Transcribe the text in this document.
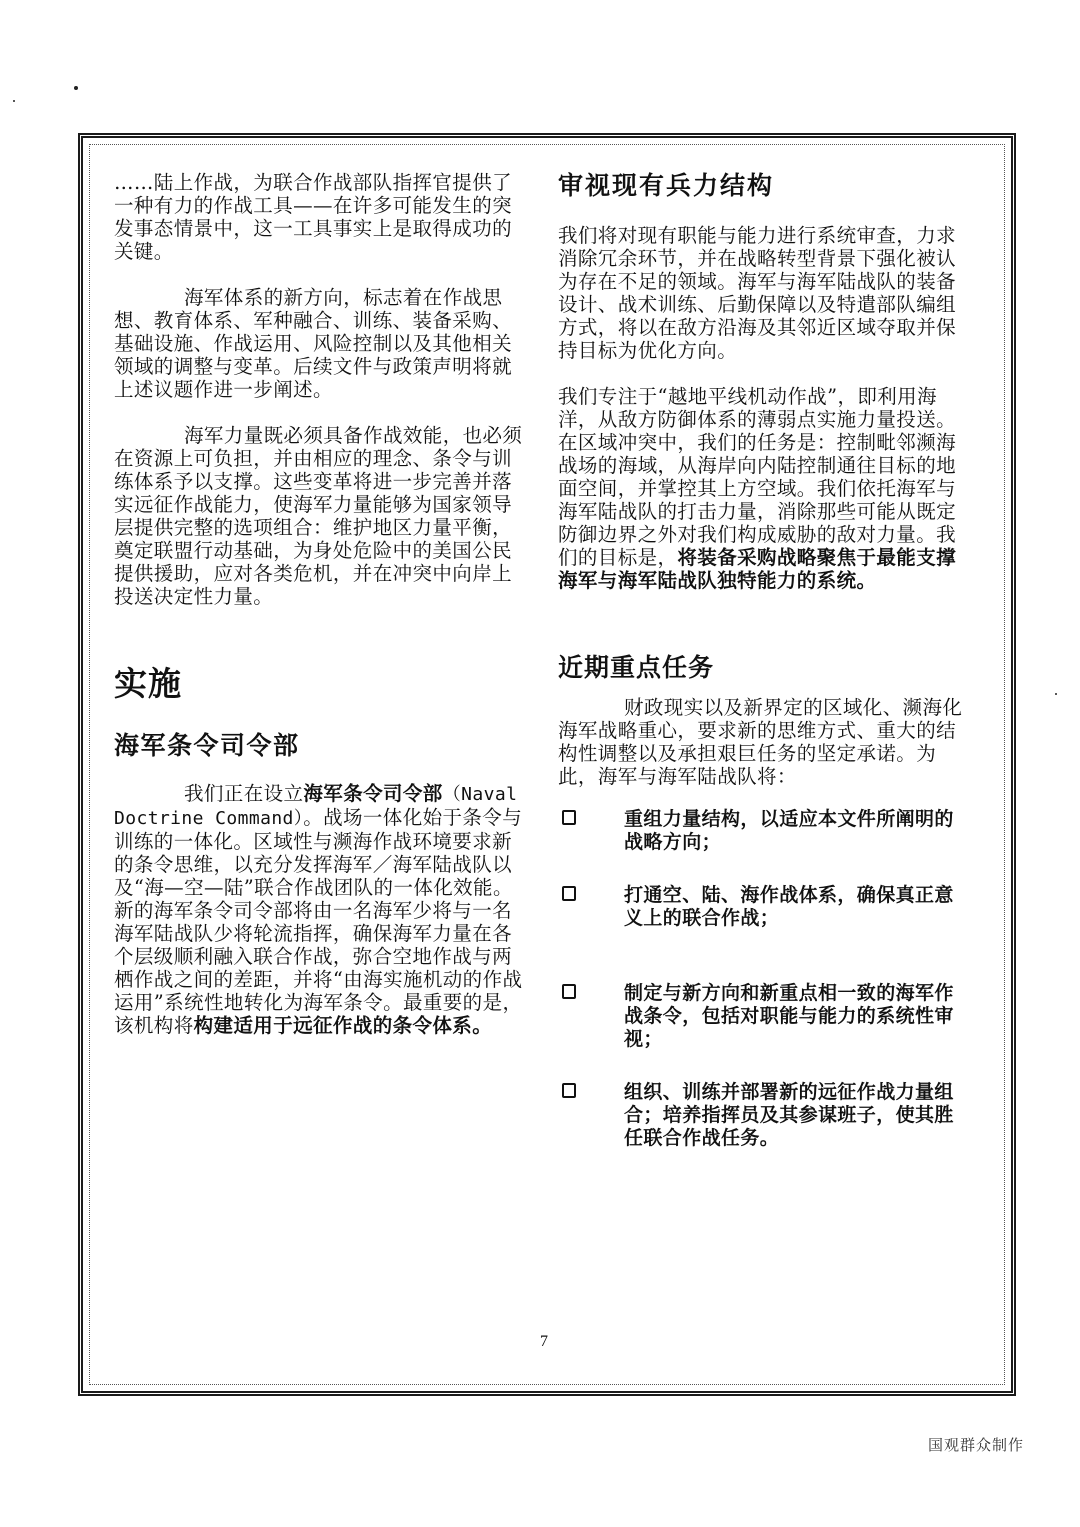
……陆上作战，为联合作战部队指挥官提供了一种有力的作战工具——在许多可能发生的突发事态情景中，这一工具事实上是取得成功的关键。

海军体系的新方向，标志着在作战思想、教育体系、军种融合、训练、装备采购、基础设施、作战运用、风险控制以及其他相关领域的调整与变革。后续文件与政策声明将就上述议题作进一步阐述。

海军力量既必须具备作战效能，也必须在资源上可负担，并由相应的理念、条令与训练体系予以支撑。这些变革将进一步完善并落实远征作战能力，使海军力量能够为国家领导层提供完整的选项组合：维护地区力量平衡，奠定联盟行动基础，为身处危险中的美国公民提供援助，应对各类危机，并在冲突中向岸上投送决定性力量。

实施
海军条令司令部

我们正在设立海军条令司令部（Naval Doctrine Command）。战场一体化始于条令与训练的一体化。区域性与濒海作战环境要求新的条令思维，以充分发挥海军／海军陆战队以及“海—空—陆”联合作战团队的一体化效能。新的海军条令司令部将由一名海军少将与一名海军陆战队少将轮流指挥，确保海军力量在各个层级顺利融入联合作战，弥合空地作战与两栖作战之间的差距，并将“由海实施机动的作战运用”系统性地转化为海军条令。最重要的是，该机构将构建适用于远征作战的条令体系。

审视现有兵力结构

我们将对现有职能与能力进行系统审查，力求消除冗余环节，并在战略转型背景下强化被认为存在不足的领域。海军与海军陆战队的装备设计、战术训练、后勤保障以及特遣部队编组方式，将以在敌方沿海及其邻近区域夺取并保持目标为优化方向。

我们专注于“越地平线机动作战”，即利用海洋，从敌方防御体系的薄弱点实施力量投送。在区域冲突中，我们的任务是：控制毗邻濒海战场的海域，从海岸向内陆控制通往目标的地面空间，并掌控其上方空域。我们依托海军与海军陆战队的打击力量，消除那些可能从既定防御边界之外对我们构成威胁的敌对力量。我们的目标是，将装备采购战略聚焦于最能支撑海军与海军陆战队独特能力的系统。

近期重点任务

财政现实以及新界定的区域化、濒海化海军战略重心，要求新的思维方式、重大的结构性调整以及承担艰巨任务的坚定承诺。为此，海军与海军陆战队将：

重组力量结构，以适应本文件所阐明的战略方向；
打通空、陆、海作战体系，确保真正意义上的联合作战；
制定与新方向和新重点相一致的海军作战条令，包括对职能与能力的系统性审视；
组织、训练并部署新的远征作战力量组合；培养指挥员及其参谋班子，使其胜任联合作战任务。
7
国观群众制作
